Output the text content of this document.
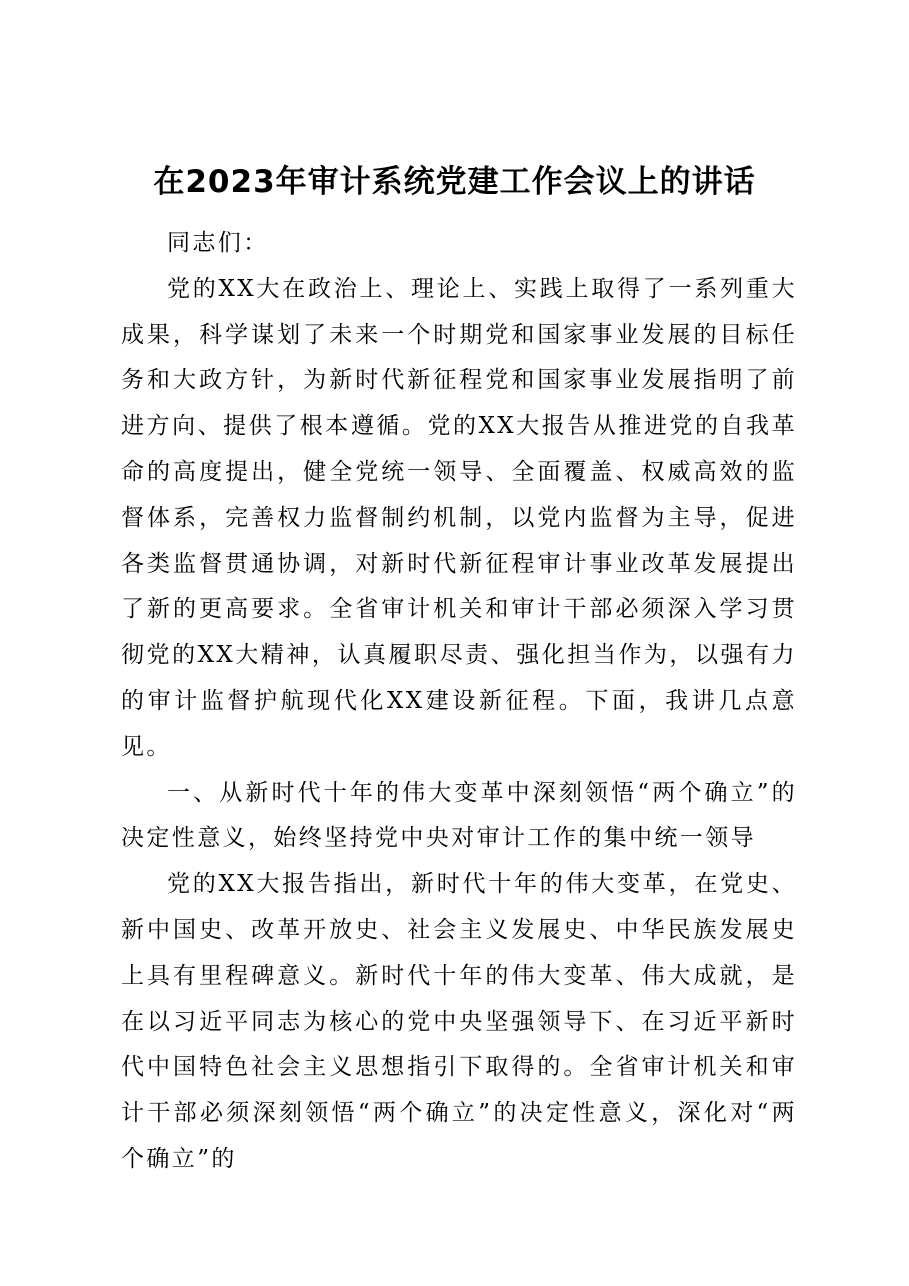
在2023年审计系统党建工作会议上的讲话

同志们：

党的XX大在政治上、理论上、实践上取得了一系列重大成果，科学谋划了未来一个时期党和国家事业发展的目标任务和大政方针，为新时代新征程党和国家事业发展指明了前进方向、提供了根本遵循。党的XX大报告从推进党的自我革命的高度提出，健全党统一领导、全面覆盖、权威高效的监督体系，完善权力监督制约机制，以党内监督为主导，促进各类监督贯通协调，对新时代新征程审计事业改革发展提出了新的更高要求。全省审计机关和审计干部必须深入学习贯彻党的XX大精神，认真履职尽责、强化担当作为，以强有力的审计监督护航现代化XX建设新征程。下面，我讲几点意见。

一、从新时代十年的伟大变革中深刻领悟“两个确立”的决定性意义，始终坚持党中央对审计工作的集中统一领导

党的XX大报告指出，新时代十年的伟大变革，在党史、新中国史、改革开放史、社会主义发展史、中华民族发展史上具有里程碑意义。新时代十年的伟大变革、伟大成就，是在以习近平同志为核心的党中央坚强领导下、在习近平新时代中国特色社会主义思想指引下取得的。全省审计机关和审计干部必须深刻领悟“两个确立”的决定性意义，深化对“两个确立”的
